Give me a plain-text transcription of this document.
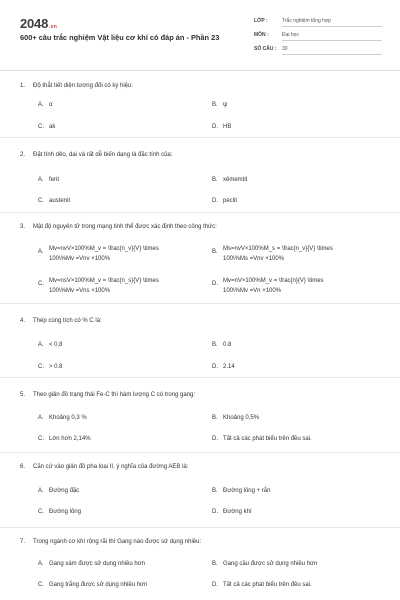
2048 .vn
600+ câu trắc nghiệm Vật liệu cơ khí có đáp án - Phần 23
LỚP :	Trắc nghiệm tổng hợp
MÔN :	Đại học
SỐ CÂU : 30
1. Độ thắt tiết diện tương đối có ký hiệu:
A. α	B. ψ
C. ak	D. HB
2. Đặt tính dẻo, dai và rất dễ biến dạng là đặc tính của:
A. ferit	B. xêmemtit
C. austenit	D. peclit
3. Mật độ nguyên tử trong mạng tinh thể được xác định theo công thức:
A. Mv=nvV×100%M_v = \frac{n_v}{V} \times
100\%Mv =Vnv ×100%
B. Ms=nvV×100%M_s = \frac{n_v}{V} \times
100\%Ms =Vnv ×100%
C. Mv=nsV×100%M_v = \frac{n_s}{V} \times
100\%Mv =Vns ×100%
D. Mv=nV×100%M_v = \frac{n}{V} \times
100\%Mv =Vn ×100%
4. Thép cùng tích có % C là:
A. < 0.8	B. 0.8
C. > 0.8	D. 2.14
5. Theo giản đồ trạng thái Fe-C thì hàm lượng C có trong gang:
A. Khoảng 0,3 %	B. Khoảng 0,5%
C. Lớn hơn 2,14%	D. Tất cả các phát biểu trên đều sai.
6. Căn cứ vào giản đồ pha loại II, ý nghĩa của đường AEB là:
A. Đường đặc	B. Đường lỏng + rắn
C. Đường lỏng	D. Đường khí
7. Trong ngành cơ khí rộng rãi thì Gang nào được sử dụng nhiều:
A. Gang xám được sử dụng nhiều hơn	B. Gang cầu được sử dụng nhiều hơn
C. Gang trắng được sử dụng nhiều hơn	D. Tất cả các phát biểu trên đều sai.
